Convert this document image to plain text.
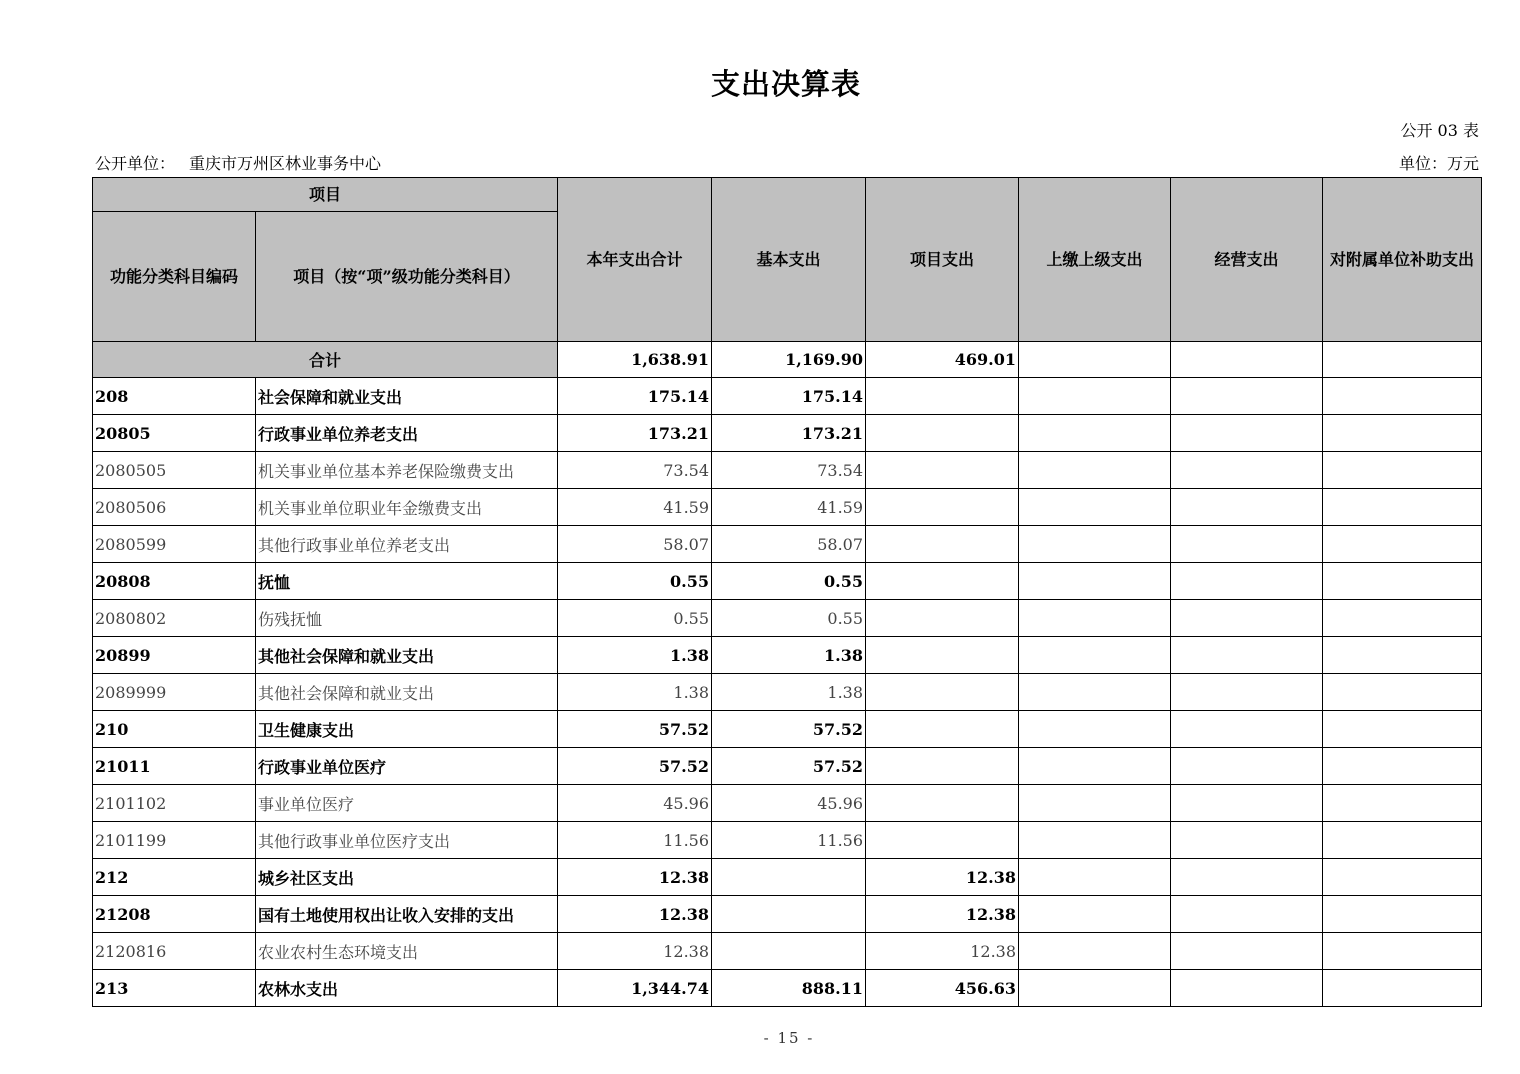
支出决算表
公开 03 表
公开单位： 重庆市万州区林业事务中心	单位：万元
项目		本年支出合计	基本支出	项目支出	上缴上级支出	经营支出	对附属单位补助支出
功能分类科目编码	项目（按“项”级功能分类科目）						
合计		1,638.91	1,169.90	469.01			
208	社会保障和就业支出	175.14	175.14				
20805	行政事业单位养老支出	173.21	173.21				
2080505	机关事业单位基本养老保险缴费支出	73.54	73.54				
2080506	机关事业单位职业年金缴费支出	41.59	41.59				
2080599	其他行政事业单位养老支出	58.07	58.07				
20808	抚恤	0.55	0.55				
2080802	伤残抚恤	0.55	0.55				
20899	其他社会保障和就业支出	1.38	1.38				
2089999	其他社会保障和就业支出	1.38	1.38				
210	卫生健康支出	57.52	57.52				
21011	行政事业单位医疗	57.52	57.52				
2101102	事业单位医疗	45.96	45.96				
2101199	其他行政事业单位医疗支出	11.56	11.56				
212	城乡社区支出	12.38		12.38			
21208	国有土地使用权出让收入安排的支出	12.38		12.38			
2120816	农业农村生态环境支出	12.38		12.38			
213	农林水支出	1,344.74	888.11	456.63			
- 15 -
